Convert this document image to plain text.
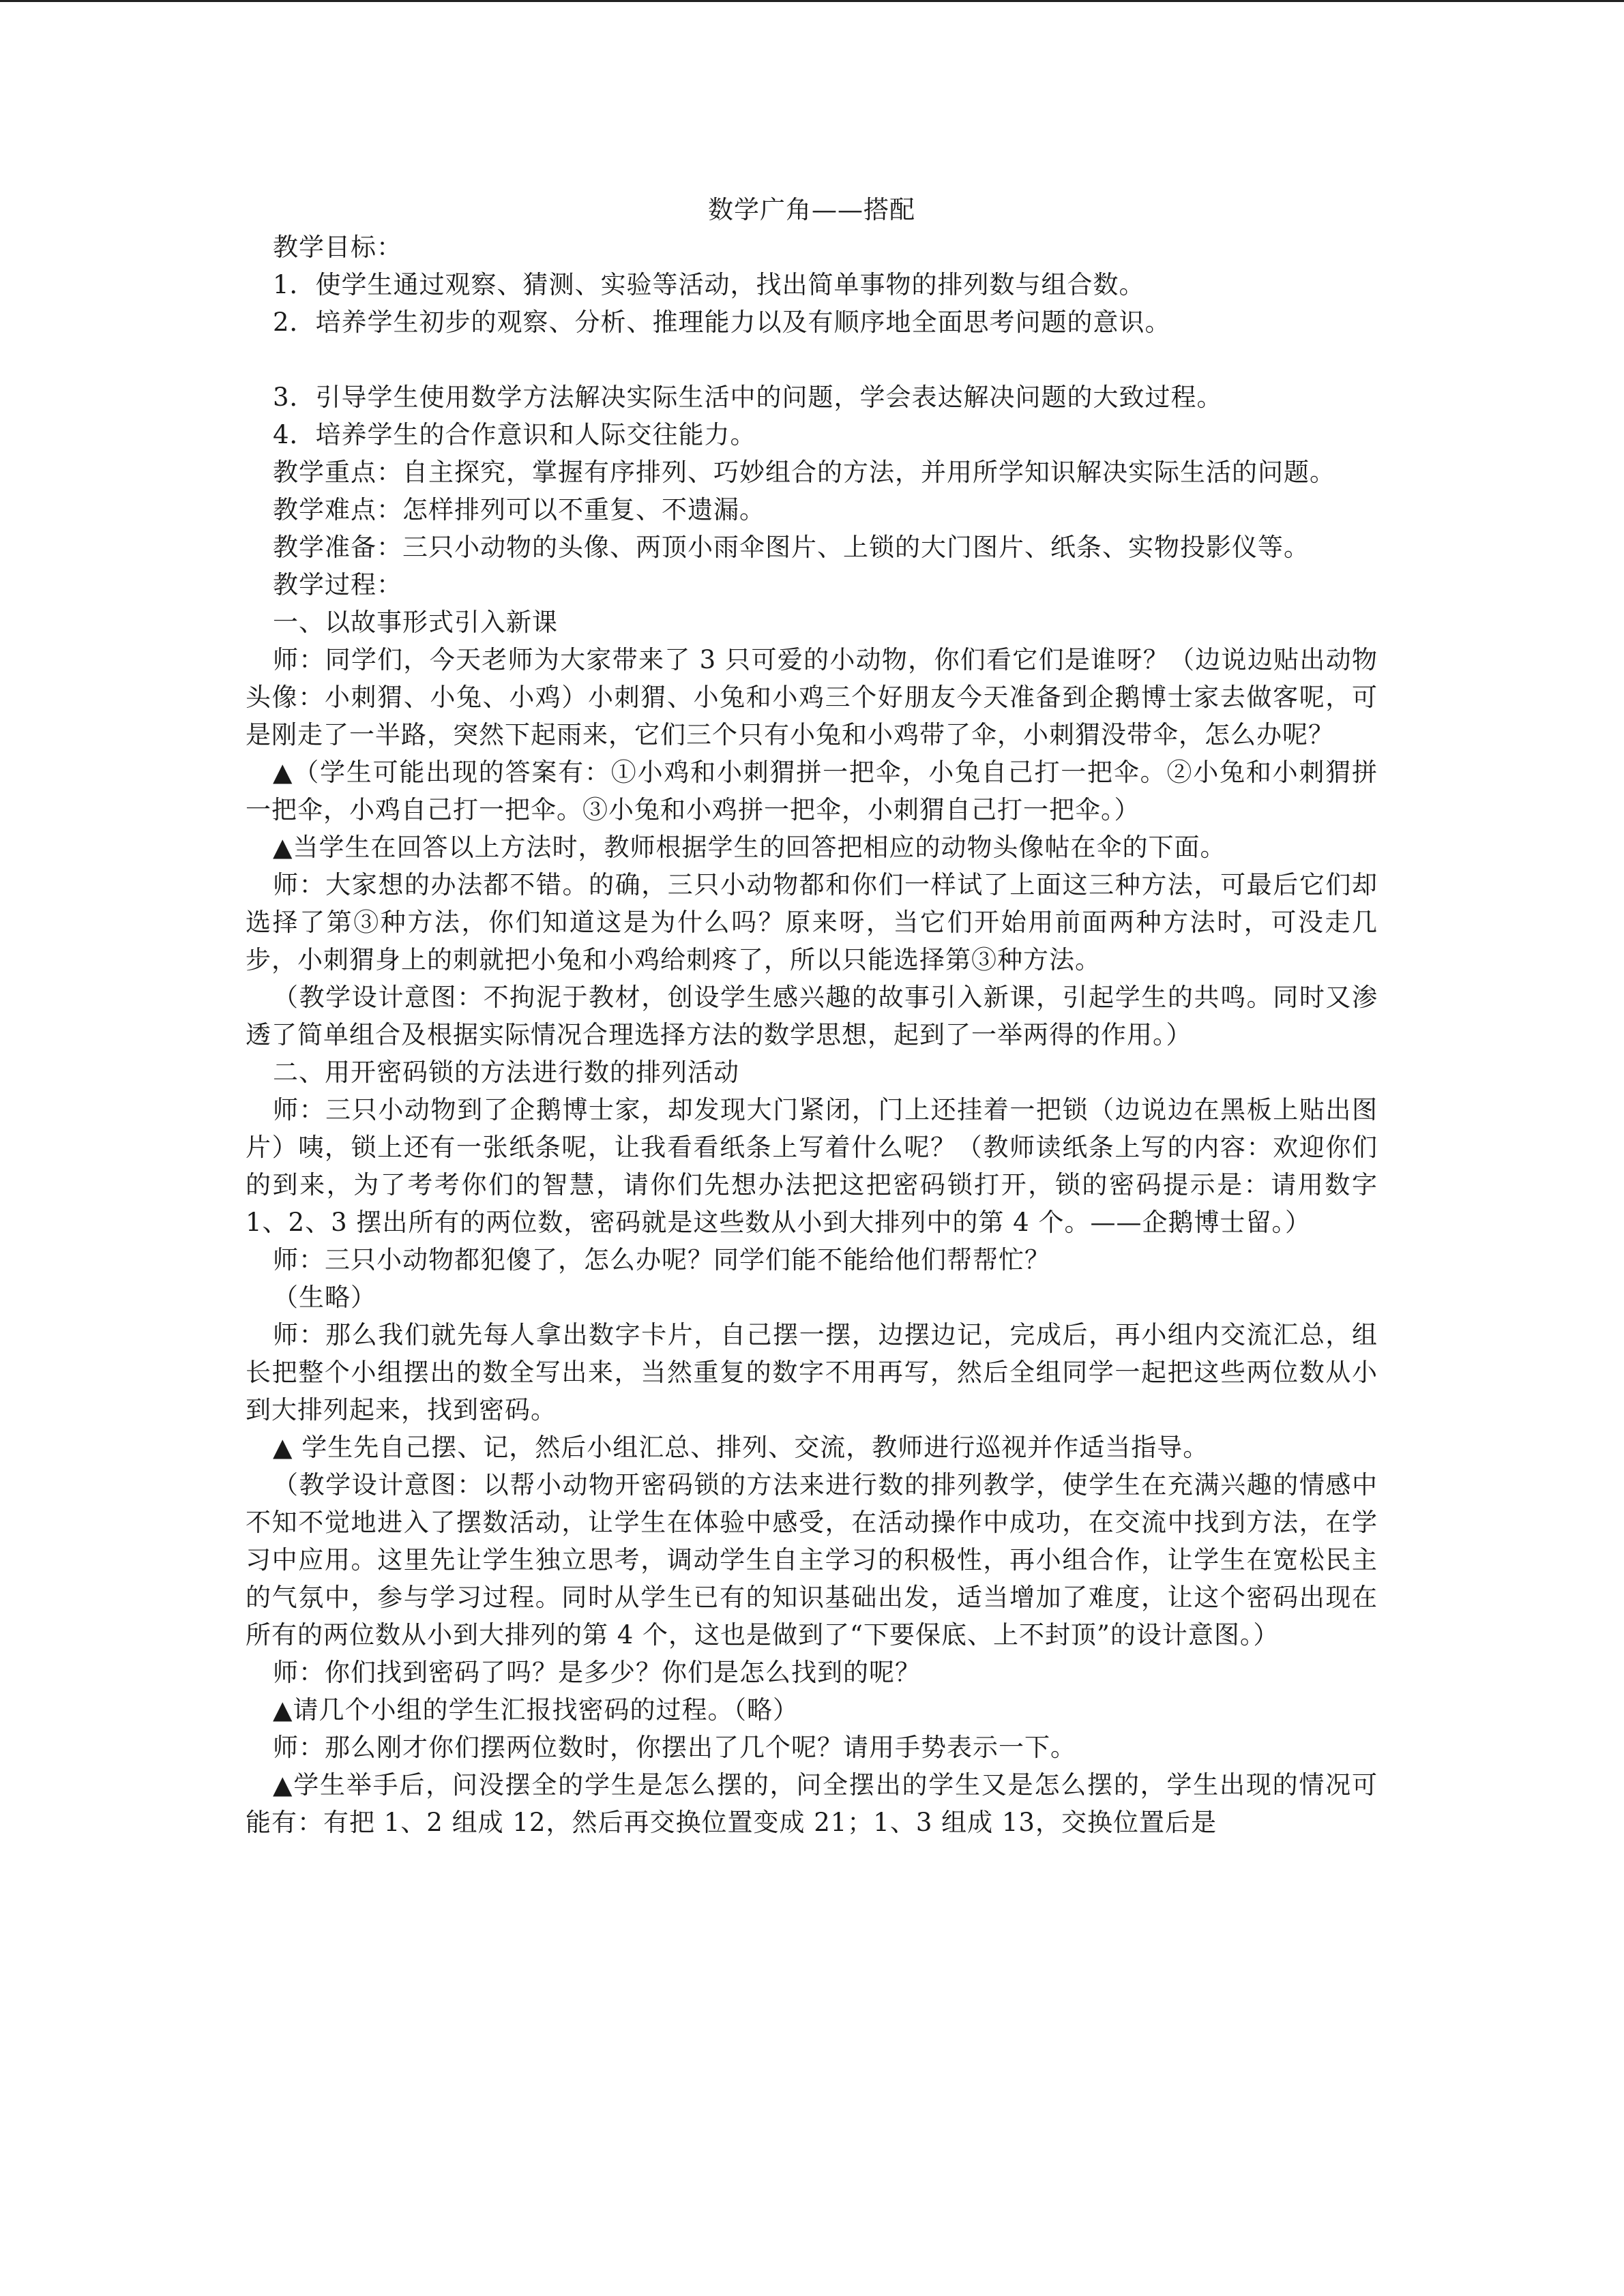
数学广角——搭配

教学目标：

1．使学生通过观察、猜测、实验等活动，找出简单事物的排列数与组合数。

2．培养学生初步的观察、分析、推理能力以及有顺序地全面思考问题的意识。

3．引导学生使用数学方法解决实际生活中的问题，学会表达解决问题的大致过程。

4．培养学生的合作意识和人际交往能力。

教学重点：自主探究，掌握有序排列、巧妙组合的方法，并用所学知识解决实际生活的问题。

教学难点：怎样排列可以不重复、不遗漏。

教学准备：三只小动物的头像、两顶小雨伞图片、上锁的大门图片、纸条、实物投影仪等。

教学过程：

一、以故事形式引入新课

师：同学们，今天老师为大家带来了 3 只可爱的小动物，你们看它们是谁呀？（边说边贴出动物头像：小刺猬、小兔、小鸡）小刺猬、小兔和小鸡三个好朋友今天准备到企鹅博士家去做客呢，可是刚走了一半路，突然下起雨来，它们三个只有小兔和小鸡带了伞，小刺猬没带伞，怎么办呢？

▲（学生可能出现的答案有：①小鸡和小刺猬拼一把伞，小兔自己打一把伞。②小兔和小刺猬拼一把伞，小鸡自己打一把伞。③小兔和小鸡拼一把伞，小刺猬自己打一把伞。）

▲当学生在回答以上方法时，教师根据学生的回答把相应的动物头像帖在伞的下面。

师：大家想的办法都不错。的确，三只小动物都和你们一样试了上面这三种方法，可最后它们却选择了第③种方法，你们知道这是为什么吗？原来呀，当它们开始用前面两种方法时，可没走几步，小刺猬身上的刺就把小兔和小鸡给刺疼了，所以只能选择第③种方法。

（教学设计意图：不拘泥于教材，创设学生感兴趣的故事引入新课，引起学生的共鸣。同时又渗透了简单组合及根据实际情况合理选择方法的数学思想，起到了一举两得的作用。）

二、用开密码锁的方法进行数的排列活动

师：三只小动物到了企鹅博士家，却发现大门紧闭，门上还挂着一把锁（边说边在黑板上贴出图片）咦，锁上还有一张纸条呢，让我看看纸条上写着什么呢？（教师读纸条上写的内容：欢迎你们的到来，为了考考你们的智慧，请你们先想办法把这把密码锁打开，锁的密码提示是：请用数字 1、2、3 摆出所有的两位数，密码就是这些数从小到大排列中的第 4 个。——企鹅博士留。）

师：三只小动物都犯傻了，怎么办呢？同学们能不能给他们帮帮忙？

（生略）

师：那么我们就先每人拿出数字卡片，自己摆一摆，边摆边记，完成后，再小组内交流汇总，组长把整个小组摆出的数全写出来，当然重复的数字不用再写，然后全组同学一起把这些两位数从小到大排列起来，找到密码。

▲ 学生先自己摆、记，然后小组汇总、排列、交流，教师进行巡视并作适当指导。

（教学设计意图：以帮小动物开密码锁的方法来进行数的排列教学，使学生在充满兴趣的情感中不知不觉地进入了摆数活动，让学生在体验中感受，在活动操作中成功，在交流中找到方法，在学习中应用。这里先让学生独立思考，调动学生自主学习的积极性，再小组合作，让学生在宽松民主的气氛中，参与学习过程。同时从学生已有的知识基础出发，适当增加了难度，让这个密码出现在所有的两位数从小到大排列的第 4 个，这也是做到了“下要保底、上不封顶”的设计意图。）

师：你们找到密码了吗？是多少？你们是怎么找到的呢？

▲请几个小组的学生汇报找密码的过程。（略）

师：那么刚才你们摆两位数时，你摆出了几个呢？请用手势表示一下。

▲学生举手后，问没摆全的学生是怎么摆的，问全摆出的学生又是怎么摆的，学生出现的情况可能有：有把 1、2 组成 12，然后再交换位置变成 21；1、3 组成 13，交换位置后是
